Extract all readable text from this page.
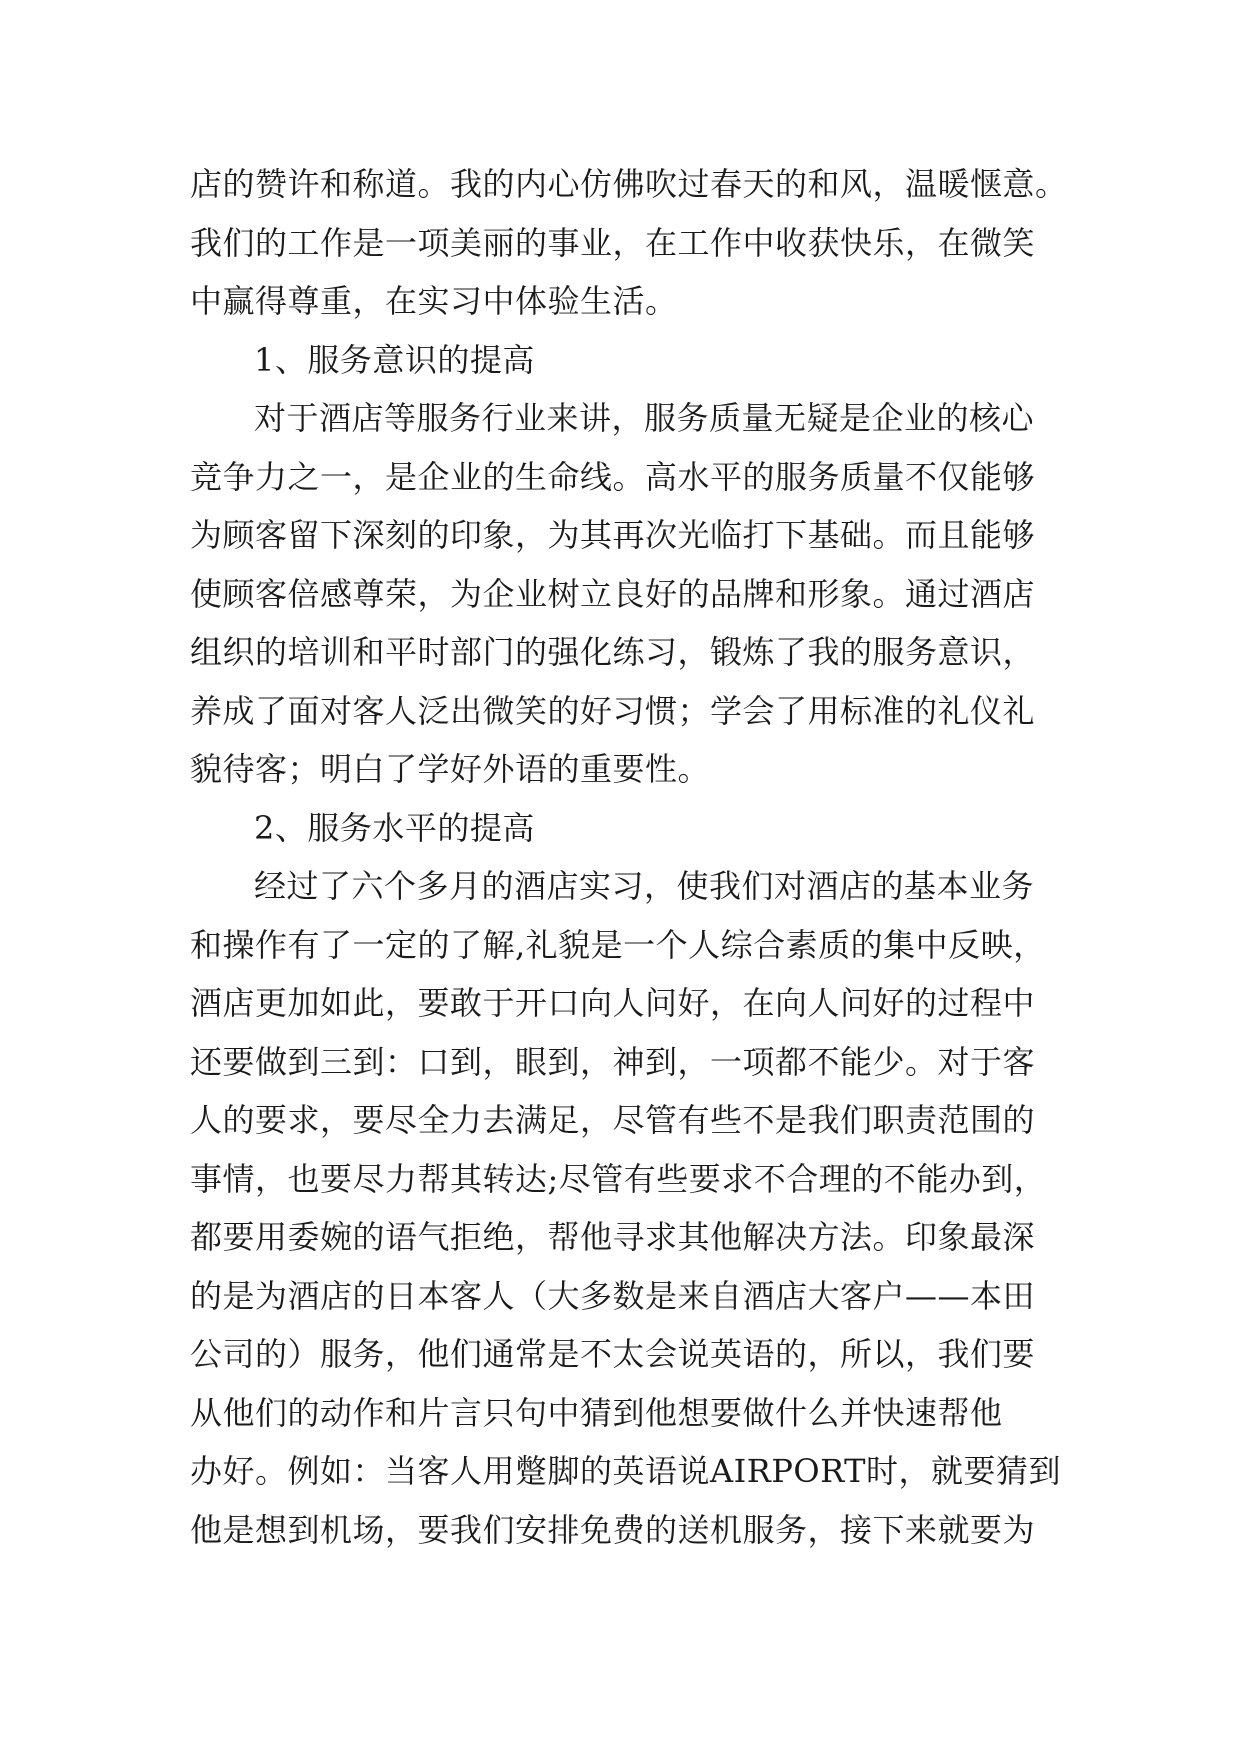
店的赞许和称道。我的内心仿佛吹过春天的和风，温暖惬意。
我们的工作是一项美丽的事业，在工作中收获快乐，在微笑
中赢得尊重，在实习中体验生活。
1、服务意识的提高
对于酒店等服务行业来讲，服务质量无疑是企业的核心
竞争力之一，是企业的生命线。高水平的服务质量不仅能够
为顾客留下深刻的印象，为其再次光临打下基础。而且能够
使顾客倍感尊荣，为企业树立良好的品牌和形象。通过酒店
组织的培训和平时部门的强化练习，锻炼了我的服务意识，
养成了面对客人泛出微笑的好习惯；学会了用标准的礼仪礼
貌待客；明白了学好外语的重要性。
2、服务水平的提高
经过了六个多月的酒店实习，使我们对酒店的基本业务
和操作有了一定的了解,礼貌是一个人综合素质的集中反映，
酒店更加如此，要敢于开口向人问好，在向人问好的过程中
还要做到三到：口到，眼到，神到，一项都不能少。对于客
人的要求，要尽全力去满足，尽管有些不是我们职责范围的
事情，也要尽力帮其转达;尽管有些要求不合理的不能办到，
都要用委婉的语气拒绝，帮他寻求其他解决方法。印象最深
的是为酒店的日本客人（大多数是来自酒店大客户——本田
公司的）服务，他们通常是不太会说英语的，所以，我们要
从他们的动作和片言只句中猜到他想要做什么并快速帮他
办好。例如：当客人用蹩脚的英语说AIRPORT时，就要猜到
他是想到机场，要我们安排免费的送机服务，接下来就要为
